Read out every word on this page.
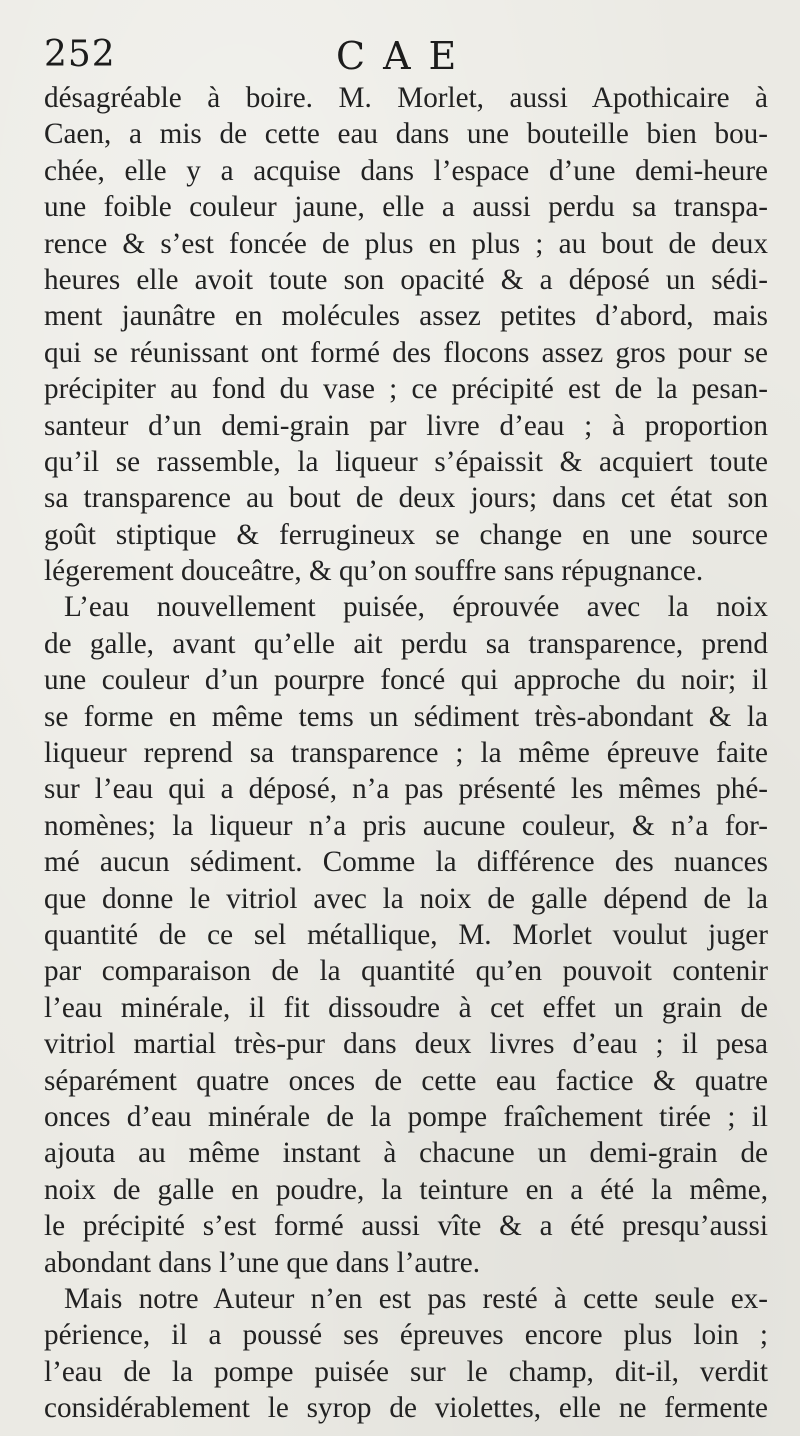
252	CAE
désagréable à boire. M. Morlet, aussi Apothicaire à
Caen, a mis de cette eau dans une bouteille bien bou-
chée, elle y a acquise dans l’espace d’une demi-heure
une foible couleur jaune, elle a aussi perdu sa transpa-
rence & s’est foncée de plus en plus ; au bout de deux
heures elle avoit toute son opacité & a déposé un sédi-
ment jaunâtre en molécules assez petites d’abord, mais
qui se réunissant ont formé des flocons assez gros pour se
précipiter au fond du vase ; ce précipité est de la pesan-
santeur d’un demi-grain par livre d’eau ; à proportion
qu’il se rassemble, la liqueur s’épaissit & acquiert toute
sa transparence au bout de deux jours; dans cet état son
goût stiptique & ferrugineux se change en une source
légerement douceâtre, & qu’on souffre sans répugnance.
L’eau nouvellement puisée, éprouvée avec la noix
de galle, avant qu’elle ait perdu sa transparence, prend
une couleur d’un pourpre foncé qui approche du noir; il
se forme en même tems un sédiment très-abondant & la
liqueur reprend sa transparence ; la même épreuve faite
sur l’eau qui a déposé, n’a pas présenté les mêmes phé-
nomènes; la liqueur n’a pris aucune couleur, & n’a for-
mé aucun sédiment. Comme la différence des nuances
que donne le vitriol avec la noix de galle dépend de la
quantité de ce sel métallique, M. Morlet voulut juger
par comparaison de la quantité qu’en pouvoit contenir
l’eau minérale, il fit dissoudre à cet effet un grain de
vitriol martial très-pur dans deux livres d’eau ; il pesa
séparément quatre onces de cette eau factice & quatre
onces d’eau minérale de la pompe fraîchement tirée ; il
ajouta au même instant à chacune un demi-grain de
noix de galle en poudre, la teinture en a été la même,
le précipité s’est formé aussi vîte & a été presqu’aussi
abondant dans l’une que dans l’autre.
Mais notre Auteur n’en est pas resté à cette seule ex-
périence, il a poussé ses épreuves encore plus loin ;
l’eau de la pompe puisée sur le champ, dit-il, verdit
considérablement le syrop de violettes, elle ne fermente
